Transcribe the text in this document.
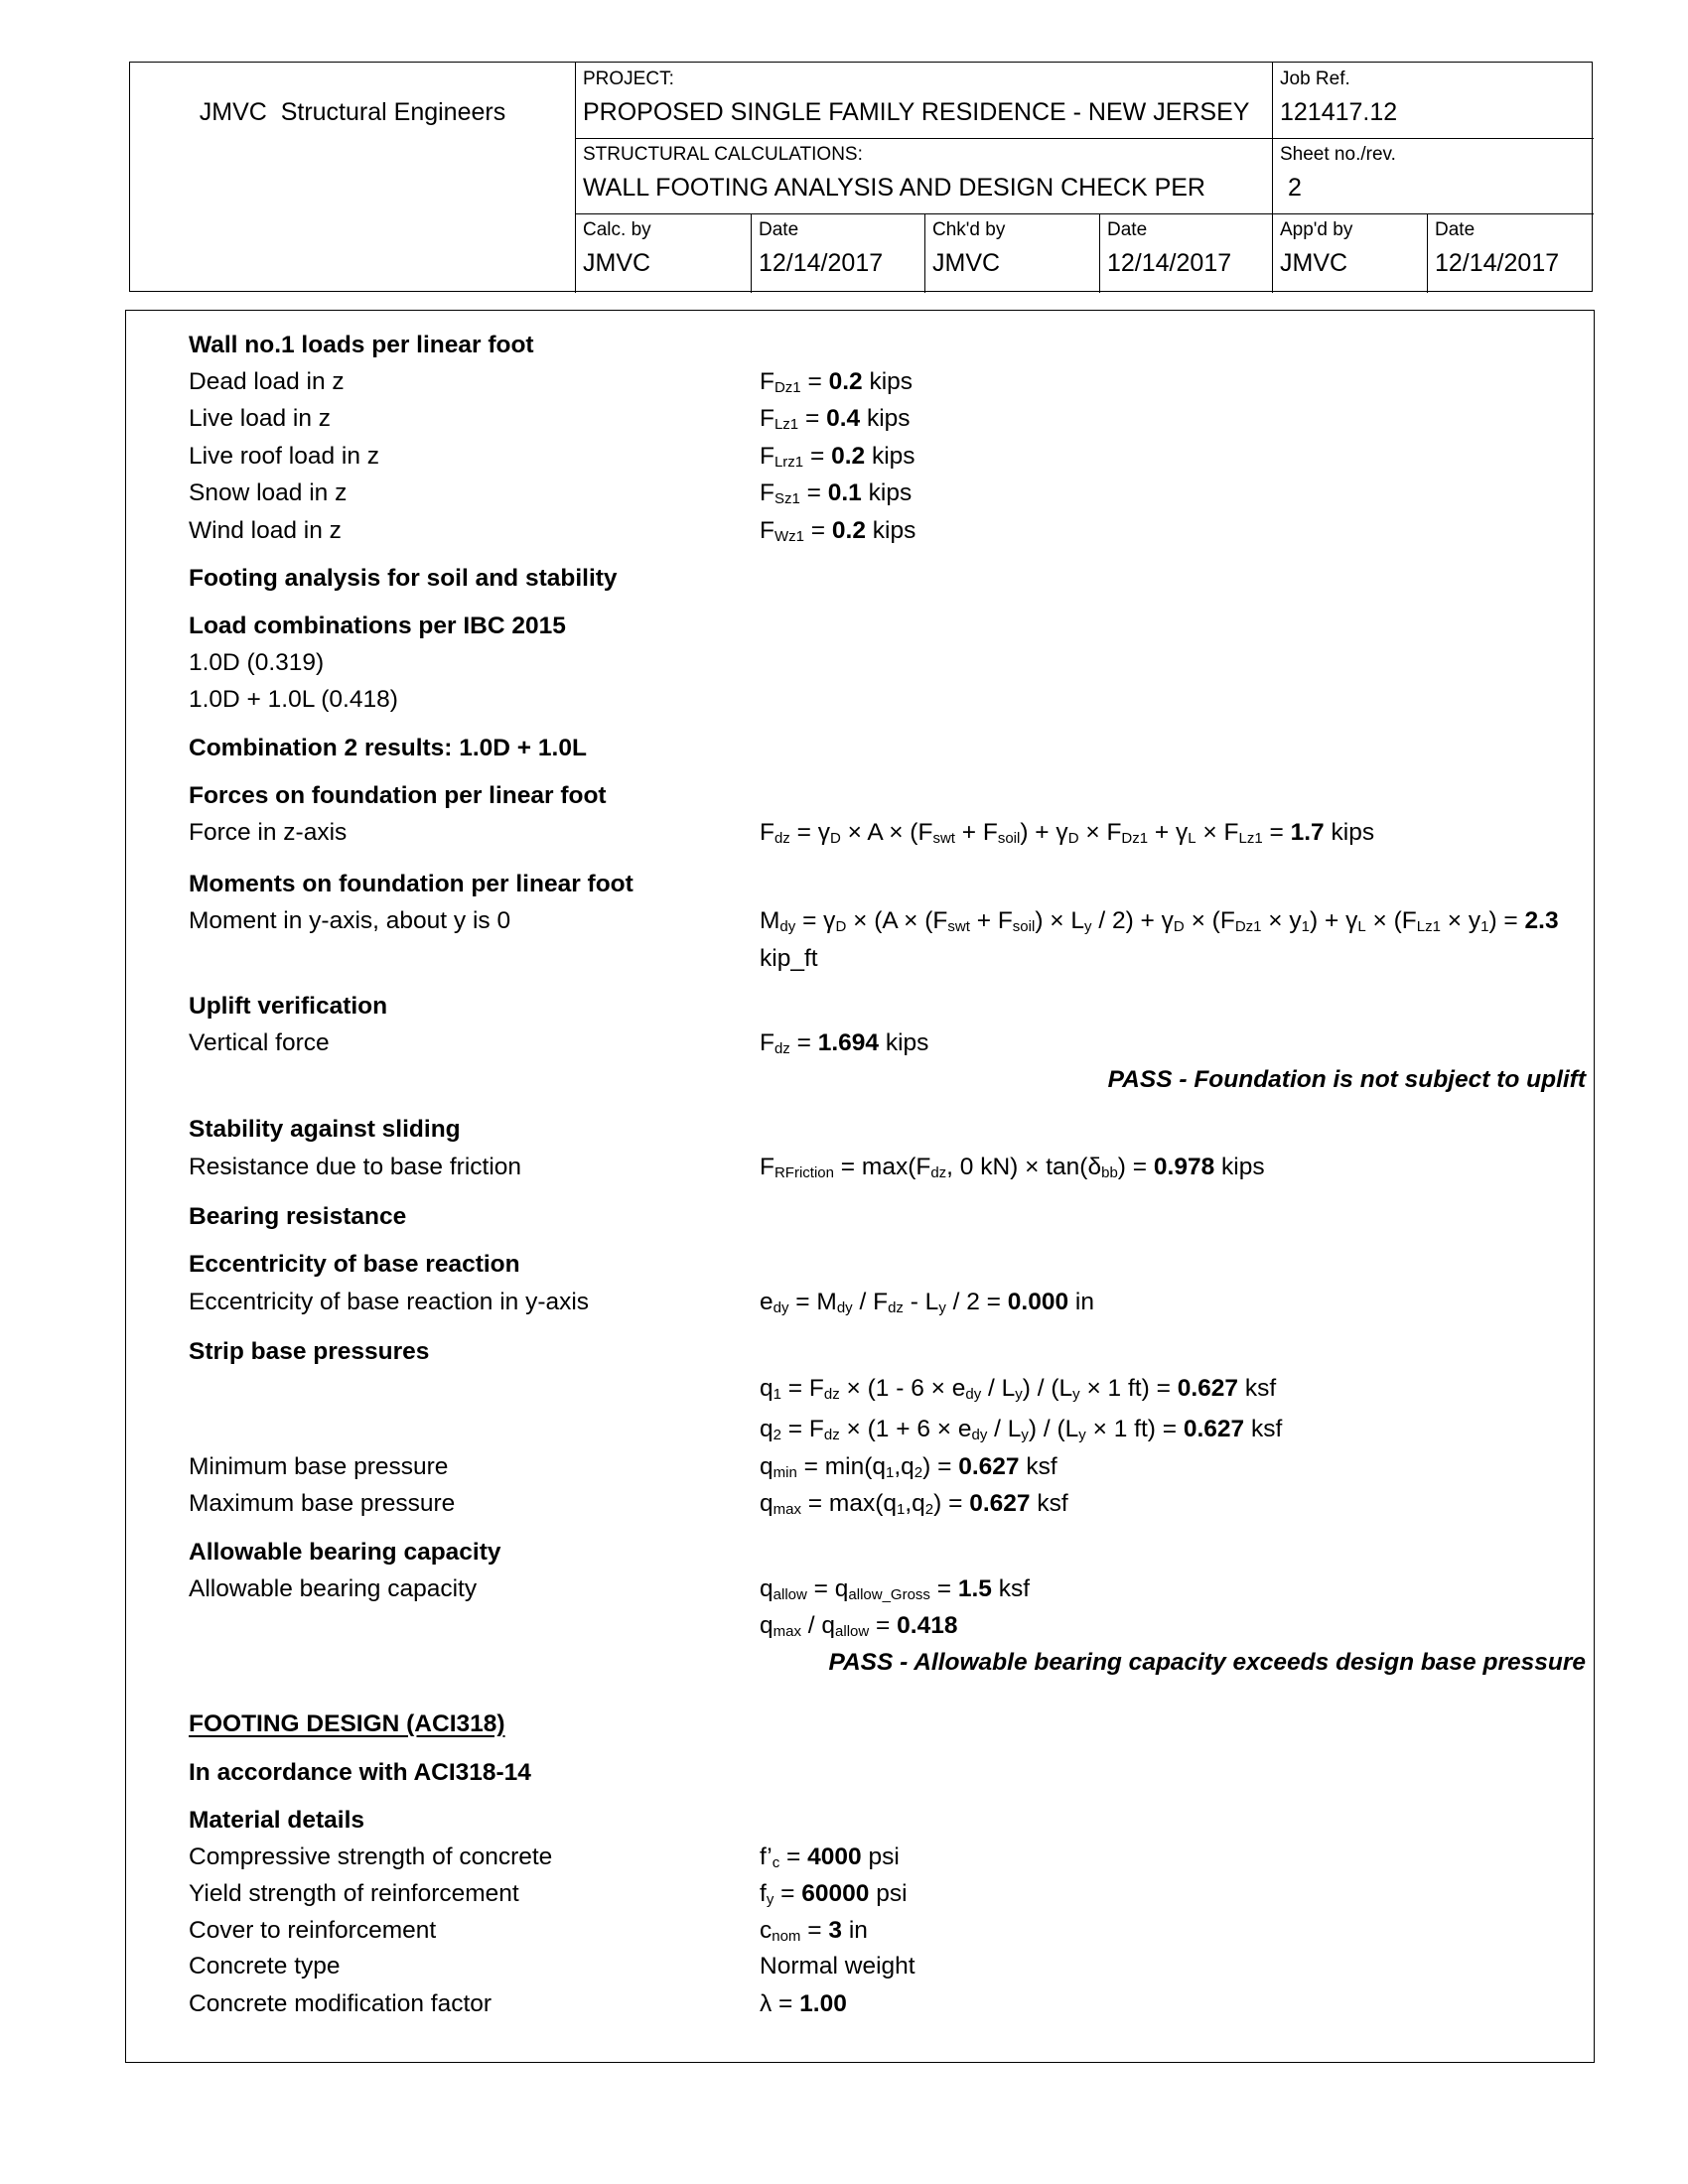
JMVC  Structural Engineers
PROJECT:
PROPOSED SINGLE FAMILY RESIDENCE - NEW JERSEY
Job Ref.
121417.12
STRUCTURAL CALCULATIONS:
WALL FOOTING ANALYSIS AND DESIGN CHECK PER
Sheet no./rev.
2
Calc. by
JMVC
Date
12/14/2017
Chk'd by
JMVC
Date
12/14/2017
App'd by
JMVC
Date
12/14/2017
Wall no.1 loads per linear foot
Dead load in z	$F_{Dz1} = 0.2$ kips
Live load in z	$F_{Lz1} = 0.4$ kips
Live roof load in z	$F_{Lrz1} = 0.2$ kips
Snow load in z	$F_{Sz1} = 0.1$ kips
Wind load in z	$F_{Wz1} = 0.2$ kips
Footing analysis for soil and stability
Load combinations per IBC 2015
1.0D (0.319)
1.0D + 1.0L (0.418)
Combination 2 results: 1.0D + 1.0L
Forces on foundation per linear foot
Force in z-axis	$F_{dz} = \gamma_D \times A \times (F_{swt} + F_{soil}) + \gamma_D \times F_{Dz1} + \gamma_L \times F_{Lz1} = 1.7$ kips
Moments on foundation per linear foot
Moment in y-axis, about y is 0	$M_{dy} = \gamma_D \times (A \times (F_{swt} + F_{soil}) \times L_y / 2) + \gamma_D \times (F_{Dz1} \times y_1) + \gamma_L \times (F_{Lz1} \times y_1) = 2.3$
kip_ft
Uplift verification
Vertical force	$F_{dz} = 1.694$ kips
PASS - Foundation is not subject to uplift
Stability against sliding
Resistance due to base friction	$F_{RFriction} = \max(F_{dz}$, 0 $kN) \times \tan(\delta_{bb}) = 0.978$ kips
Bearing resistance
Eccentricity of base reaction
Eccentricity of base reaction in y-axis	$e_{dy} = M_{dy} / F_{dz} - L_y / 2 = 0.000$ in
Strip base pressures
$q_1 = F_{dz} \times (1 - 6 \times e_{dy} / L_y) / (L_y \times 1$ ft) = 0.627 ksf
$q_2 = F_{dz} \times (1 + 6 \times e_{dy} / L_y) / (L_y \times 1$ ft) = 0.627 ksf
Minimum base pressure	$q_{min} = \min(q_1,q_2) = 0.627$ ksf
Maximum base pressure	$q_{max} = \max(q_1,q_2) = 0.627$ ksf
Allowable bearing capacity
Allowable bearing capacity	$q_{allow} = q_{allow\_Gross} = 1.5$ ksf
$q_{max} / q_{allow} = 0.418$
PASS - Allowable bearing capacity exceeds design base pressure
FOOTING DESIGN (ACI318)
In accordance with ACI318-14
Material details
Compressive strength of concrete	$f’_c = 4000$ psi
Yield strength of reinforcement	$f_y = 60000$ psi
Cover to reinforcement	$c_{nom} = 3$ in
Concrete type	Normal weight
Concrete modification factor	λ = 1.00
